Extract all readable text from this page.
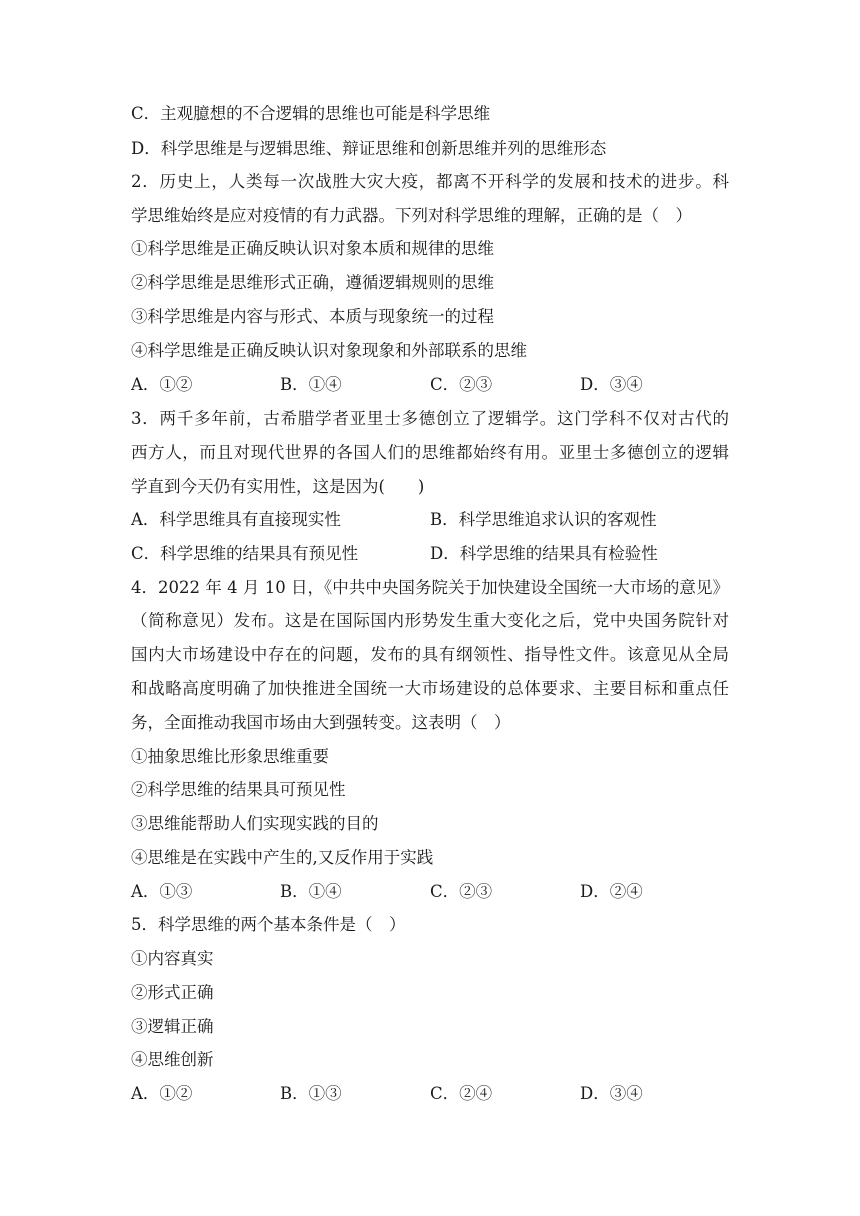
C．主观臆想的不合逻辑的思维也可能是科学思维
D．科学思维是与逻辑思维、辩证思维和创新思维并列的思维形态
2．历史上，人类每一次战胜大灾大疫，都离不开科学的发展和技术的进步。科
学思维始终是应对疫情的有力武器。下列对科学思维的理解，正确的是（　）
①科学思维是正确反映认识对象本质和规律的思维
②科学思维是思维形式正确，遵循逻辑规则的思维
③科学思维是内容与形式、本质与现象统一的过程
④科学思维是正确反映认识对象现象和外部联系的思维
A．①②	B．①④	C．②③	D．③④
3．两千多年前，古希腊学者亚里士多德创立了逻辑学。这门学科不仅对古代的
西方人，而且对现代世界的各国人们的思维都始终有用。亚里士多德创立的逻辑
学直到今天仍有实用性，这是因为(　　)
A．科学思维具有直接现实性	B．科学思维追求认识的客观性
C．科学思维的结果具有预见性	D．科学思维的结果具有检验性
4．2022 年 4 月 10 日，《中共中央国务院关于加快建设全国统一大市场的意见》
（简称意见）发布。这是在国际国内形势发生重大变化之后，党中央国务院针对
国内大市场建设中存在的问题，发布的具有纲领性、指导性文件。该意见从全局
和战略高度明确了加快推进全国统一大市场建设的总体要求、主要目标和重点任
务，全面推动我国市场由大到强转变。这表明（　）
①抽象思维比形象思维重要
②科学思维的结果具可预见性
③思维能帮助人们实现实践的目的
④思维是在实践中产生的,又反作用于实践
A．①③	B．①④	C．②③	D．②④
5．科学思维的两个基本条件是（　）
①内容真实
②形式正确
③逻辑正确
④思维创新
A．①②	B．①③	C．②④	D．③④
